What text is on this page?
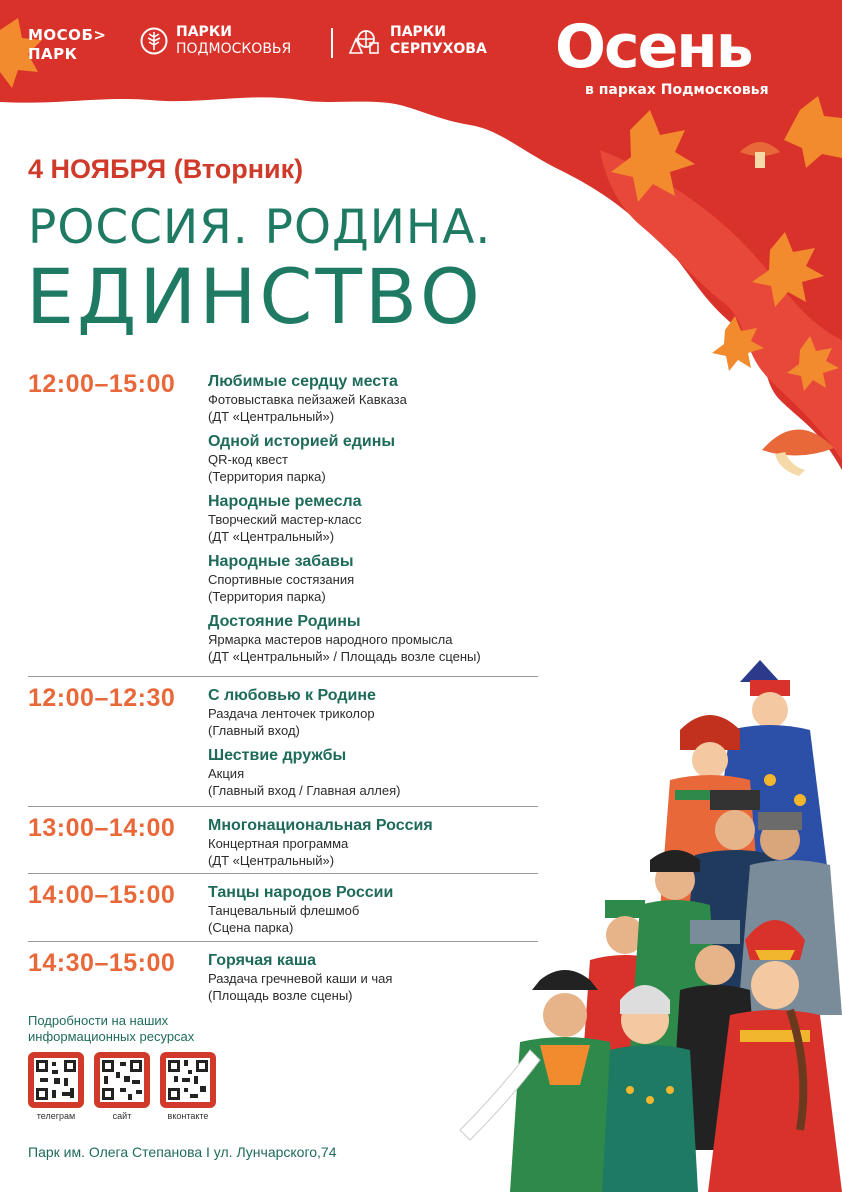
МОСОБ>
ПАРК
ПАРКИ
ПОДМОСКОВЬЯ
ПАРКИ
СЕРПУХОВА Осень
в парках Подмосковья
4 НОЯБРЯ (Вторник)
РОССИЯ. РОДИНА.
ЕДИНСТВО
12:00–15:00 Любимые сердцу места
Фотовыставка пейзажей Кавказа
(ДТ «Центральный»)
Одной историей едины
QR-код квест
(Территория парка)
Народные ремесла
Творческий мастер-класс
(ДТ «Центральный»)
Народные забавы
Спортивные состязания
(Территория парка)
Достояние Родины
Ярмарка мастеров народного промысла
(ДТ «Центральный» / Площадь возле сцены)
12:00–12:30 С любовью к Родине
Раздача ленточек триколор
(Главный вход)
Шествие дружбы
Акция
(Главный вход / Главная аллея)
13:00–14:00 Многонациональная Россия
Концертная программа
(ДТ «Центральный»)
14:00–15:00 Танцы народов России
Танцевальный флешмоб
(Сцена парка)
14:30–15:00 Горячая каша
Раздача гречневой каши и чая
(Площадь возле сцены)
Подробности на наших
информационных ресурсах
телеграм	сайт	вконтакте
Парк им. Олега Степанова I ул. Лунчарского,74
